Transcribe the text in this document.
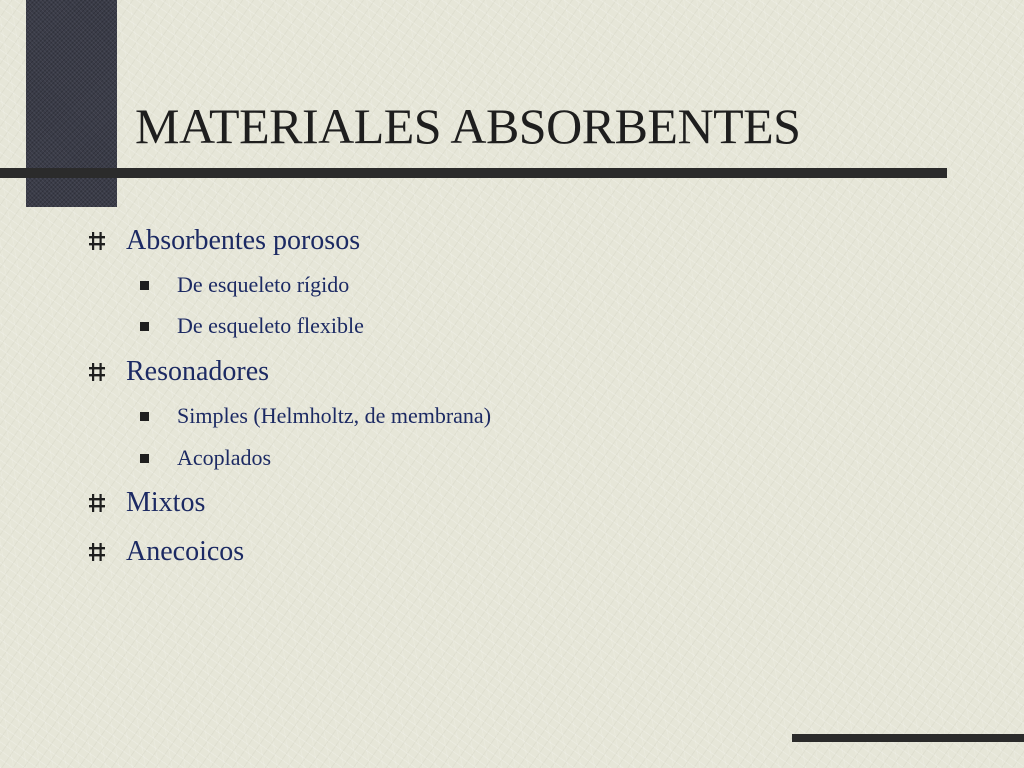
MATERIALES ABSORBENTES
Absorbentes porosos
De esqueleto rígido
De esqueleto flexible
Resonadores
Simples (Helmholtz, de membrana)
Acoplados
Mixtos
Anecoicos
